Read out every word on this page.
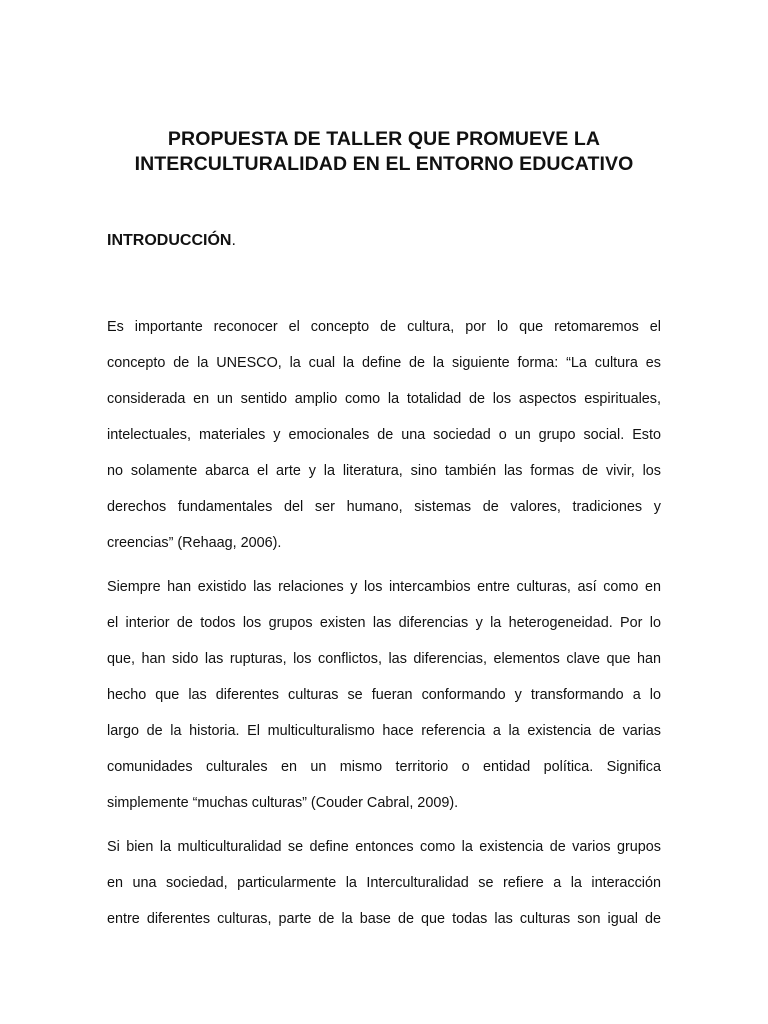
PROPUESTA DE TALLER QUE PROMUEVE LA
INTERCULTURALIDAD EN EL ENTORNO EDUCATIVO
INTRODUCCIÓN.
Es importante reconocer el concepto de cultura, por lo que retomaremos el
concepto de la UNESCO, la cual la define de la siguiente forma: “La cultura es
considerada en un sentido amplio como la totalidad de los aspectos espirituales,
intelectuales, materiales y emocionales de una sociedad o un grupo social. Esto
no solamente abarca el arte y la literatura, sino también las formas de vivir, los
derechos fundamentales del ser humano, sistemas de valores, tradiciones y
creencias” (Rehaag, 2006).
Siempre han existido las relaciones y los intercambios entre culturas, así como en
el interior de todos los grupos existen las diferencias y la heterogeneidad. Por lo
que, han sido las rupturas, los conflictos, las diferencias, elementos clave que han
hecho que las diferentes culturas se fueran conformando y transformando a lo
largo de la historia. El multiculturalismo hace referencia a la existencia de varias
comunidades culturales en un mismo territorio o entidad política. Significa
simplemente “muchas culturas” (Couder Cabral, 2009).
Si bien la multiculturalidad se define entonces como la existencia de varios grupos
en una sociedad, particularmente la Interculturalidad se refiere a la interacción
entre diferentes culturas, parte de la base de que todas las culturas son igual de
